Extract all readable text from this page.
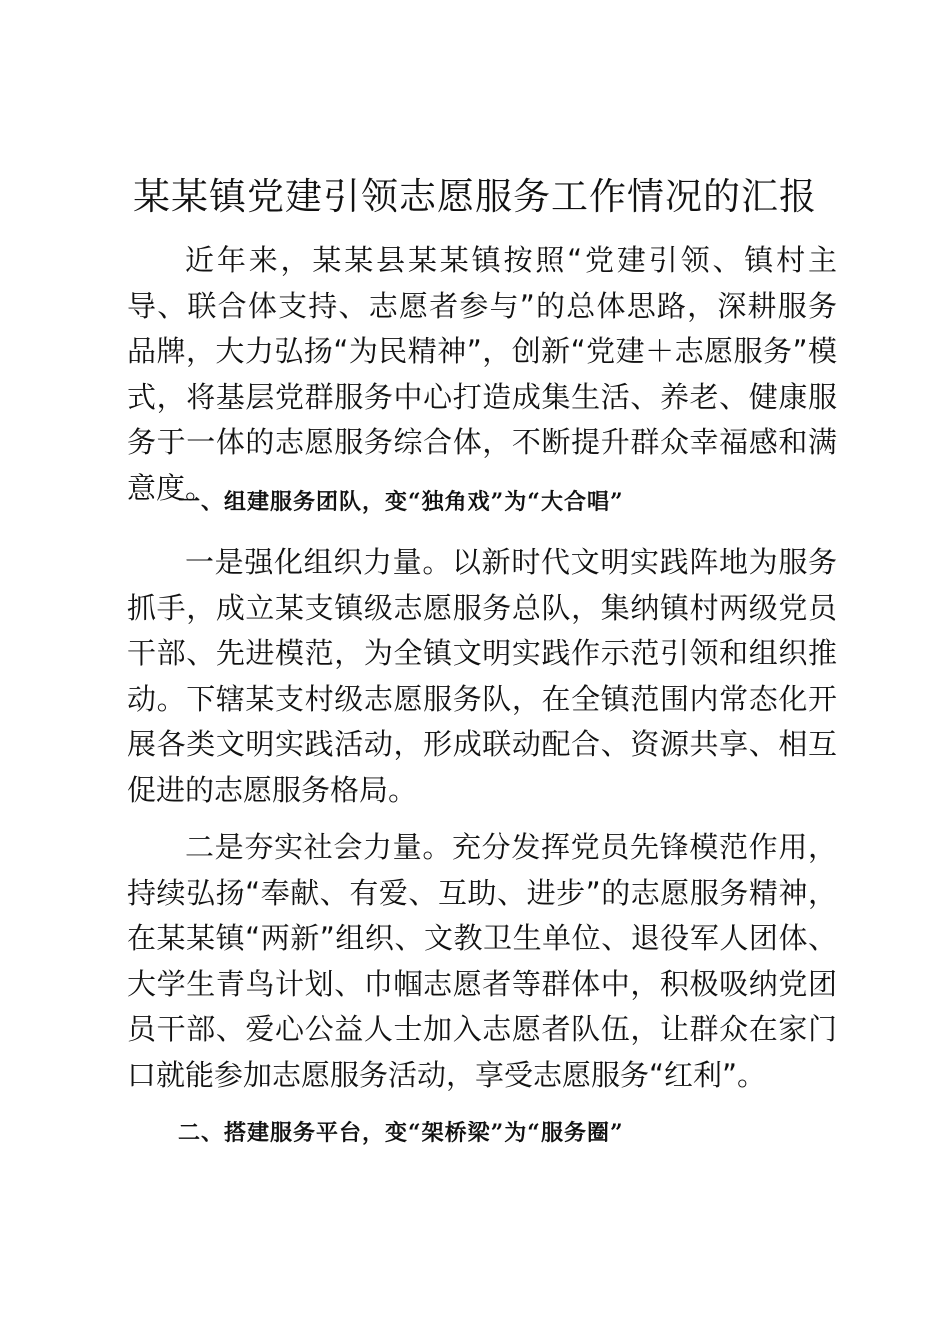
某某镇党建引领志愿服务工作情况的汇报

近年来，某某县某某镇按照“党建引领、镇村主导、联合体支持、志愿者参与”的总体思路，深耕服务品牌，大力弘扬“为民精神”，创新“党建＋志愿服务”模式，将基层党群服务中心打造成集生活、养老、健康服务于一体的志愿服务综合体，不断提升群众幸福感和满意度。

一、组建服务团队，变“独角戏”为“大合唱”

一是强化组织力量。以新时代文明实践阵地为服务抓手，成立某支镇级志愿服务总队，集纳镇村两级党员干部、先进模范，为全镇文明实践作示范引领和组织推动。下辖某支村级志愿服务队，在全镇范围内常态化开展各类文明实践活动，形成联动配合、资源共享、相互促进的志愿服务格局。

二是夯实社会力量。充分发挥党员先锋模范作用，持续弘扬“奉献、有爱、互助、进步”的志愿服务精神，在某某镇“两新”组织、文教卫生单位、退役军人团体、大学生青鸟计划、巾帼志愿者等群体中，积极吸纳党团员干部、爱心公益人士加入志愿者队伍，让群众在家门口就能参加志愿服务活动，享受志愿服务“红利”。

二、搭建服务平台，变“架桥梁”为“服务圈”
